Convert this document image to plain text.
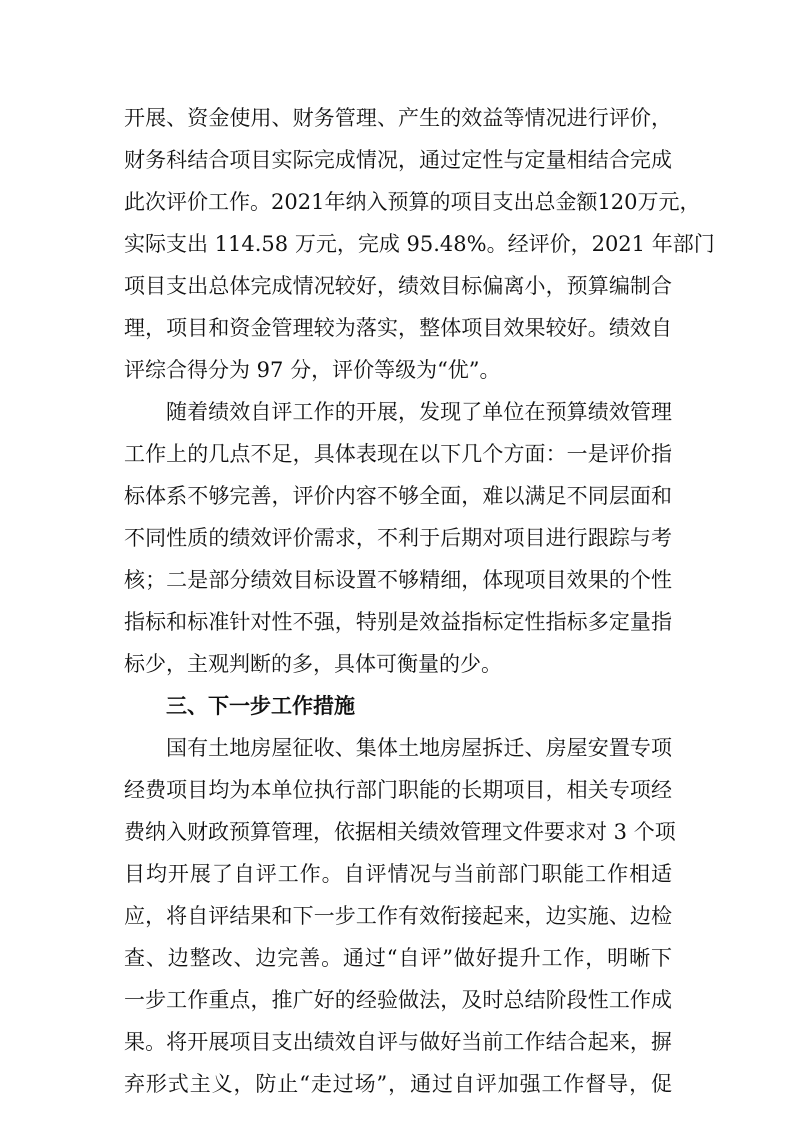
开展、资金使用、财务管理、产生的效益等情况进行评价，

财务科结合项目实际完成情况，通过定性与定量相结合完成

此次评价工作。2021年纳入预算的项目支出总金额120万元，

实际支出 114.58 万元，完成 95.48%。经评价，2021 年部门

项目支出总体完成情况较好，绩效目标偏离小，预算编制合

理，项目和资金管理较为落实，整体项目效果较好。绩效自

评综合得分为 97 分，评价等级为“优”。

随着绩效自评工作的开展，发现了单位在预算绩效管理

工作上的几点不足，具体表现在以下几个方面：一是评价指

标体系不够完善，评价内容不够全面，难以满足不同层面和

不同性质的绩效评价需求，不利于后期对项目进行跟踪与考

核；二是部分绩效目标设置不够精细，体现项目效果的个性

指标和标准针对性不强，特别是效益指标定性指标多定量指

标少，主观判断的多，具体可衡量的少。

三、下一步工作措施

国有土地房屋征收、集体土地房屋拆迁、房屋安置专项

经费项目均为本单位执行部门职能的长期项目，相关专项经

费纳入财政预算管理，依据相关绩效管理文件要求对 3 个项

目均开展了自评工作。自评情况与当前部门职能工作相适

应，将自评结果和下一步工作有效衔接起来，边实施、边检

查、边整改、边完善。通过“自评”做好提升工作，明晰下

一步工作重点，推广好的经验做法，及时总结阶段性工作成

果。将开展项目支出绩效自评与做好当前工作结合起来，摒

弃形式主义，防止“走过场”，通过自评加强工作督导，促
